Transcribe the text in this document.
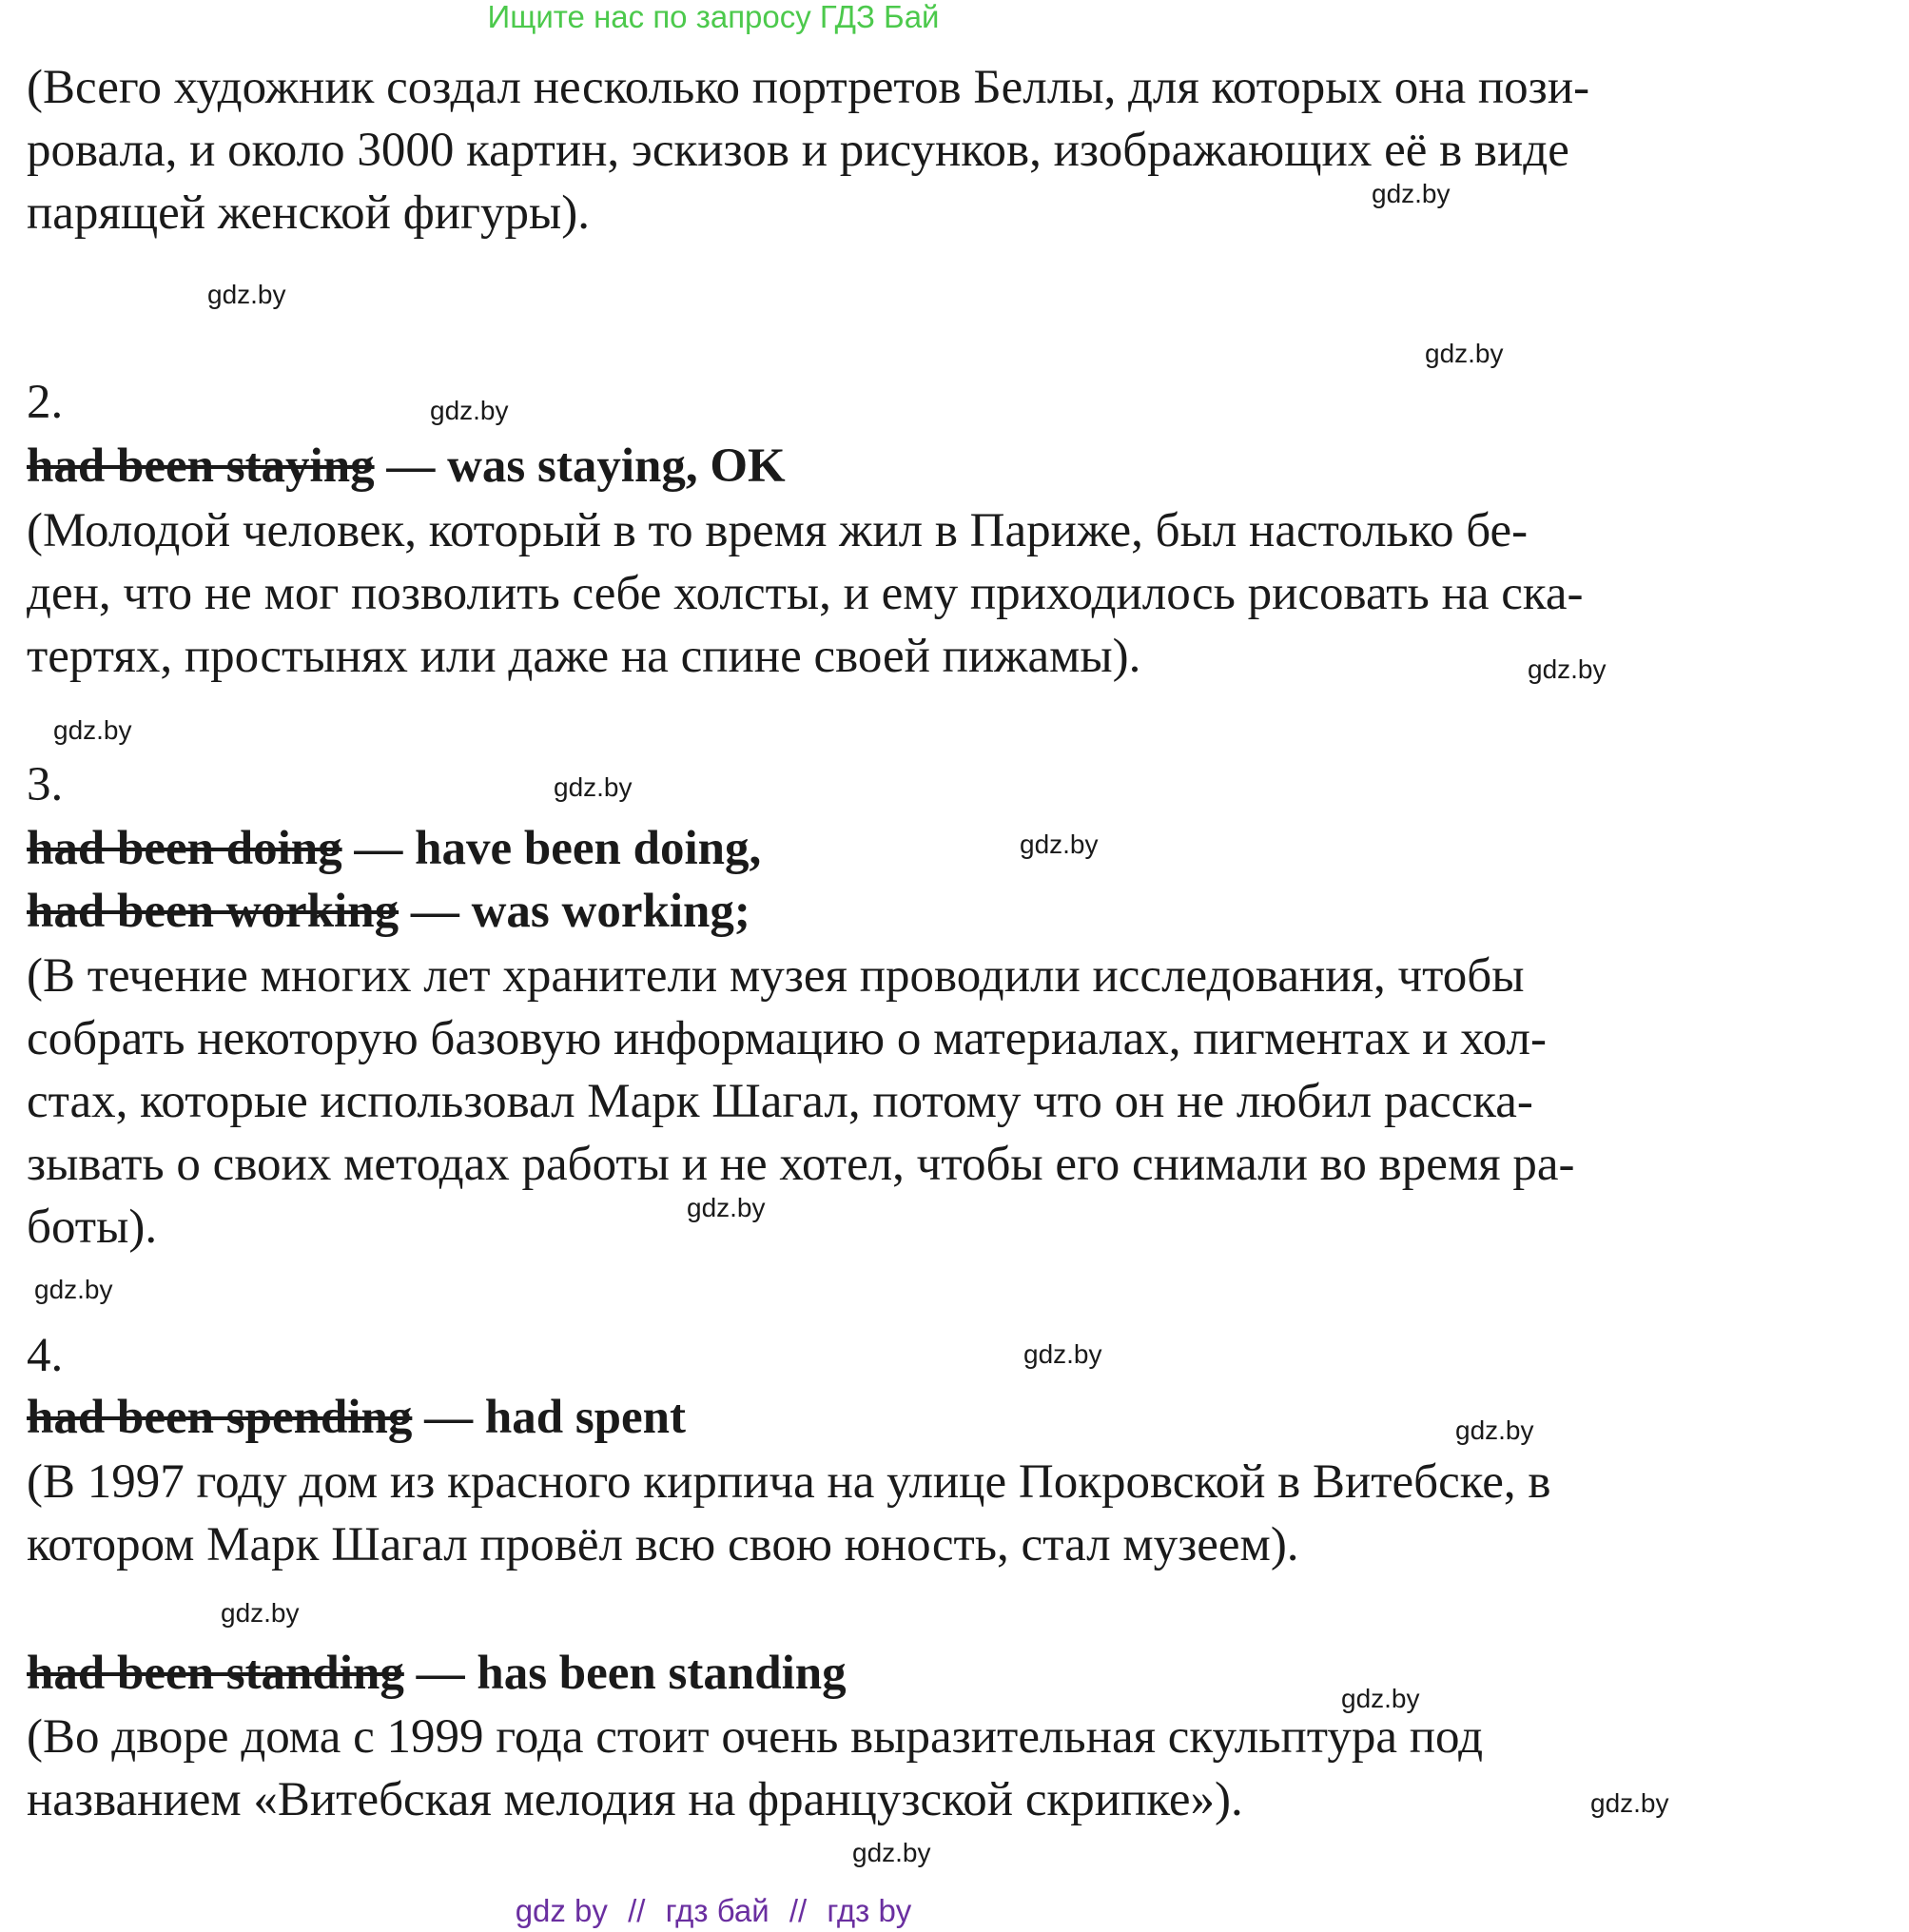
Ищите нас по запросу ГДЗ Бай
(Всего художник создал несколько портретов Беллы, для которых она пози-
ровала, и около 3000 картин, эскизов и рисунков, изображающих её в виде
парящей женской фигуры).
2.
had been staying — was staying, OK
(Молодой человек, который в то время жил в Париже, был настолько бе-
ден, что не мог позволить себе холсты, и ему приходилось рисовать на ска-
тертях, простынях или даже на спине своей пижамы).
3.
had been doing — have been doing,
had been working — was working;
(В течение многих лет хранители музея проводили исследования, чтобы
собрать некоторую базовую информацию о материалах, пигментах и хол-
стах, которые использовал Марк Шагал, потому что он не любил расска-
зывать о своих методах работы и не хотел, чтобы его снимали во время ра-
боты).
4.
had been spending — had spent
(В 1997 году дом из красного кирпича на улице Покровской в Витебске, в
котором Марк Шагал провёл всю свою юность, стал музеем).
had been standing — has been standing
(Во дворе дома с 1999 года стоит очень выразительная скульптура под
названием «Витебская мелодия на французской скрипке»).
gdz.by
gdz.by
gdz.by
gdz.by
gdz.by
gdz.by
gdz.by
gdz.by
gdz.by
gdz.by
gdz.by
gdz.by
gdz.by
gdz.by
gdz.by
gdz.by
gdz by // гдз бай // гдз by
